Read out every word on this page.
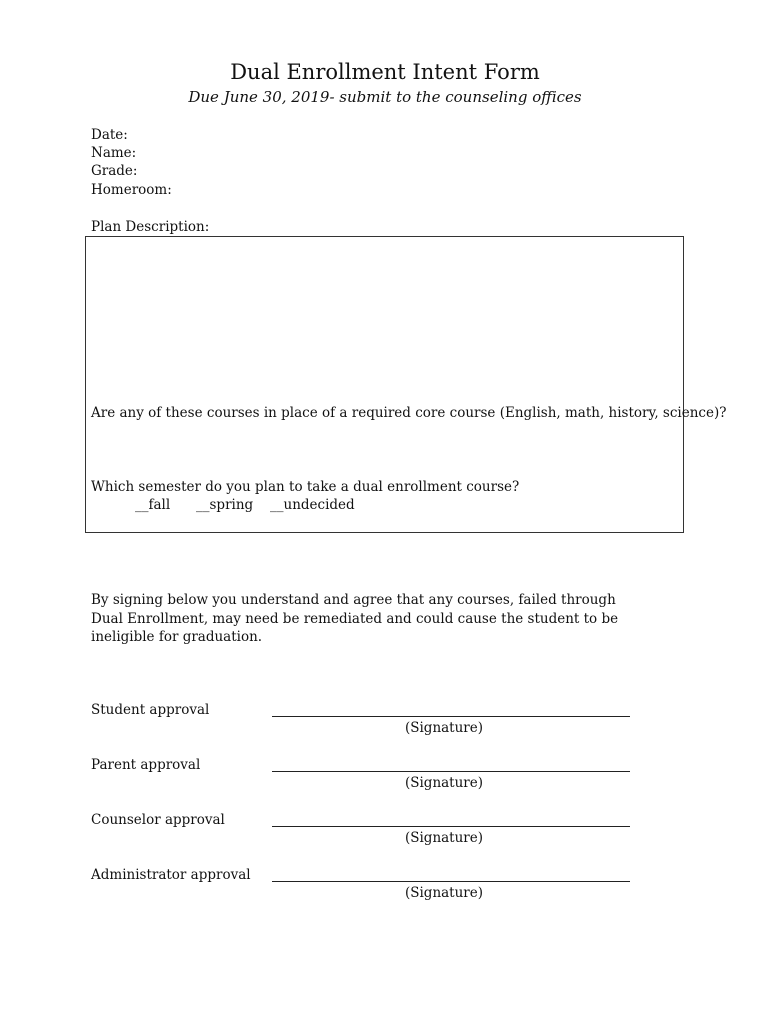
Dual Enrollment Intent Form
Due June 30, 2019- submit to the counseling offices
Date:
Name:
Grade:
Homeroom:
Plan Description:
Are any of these courses in place of a required core course (English, math, history, science)?
Which semester do you plan to take a dual enrollment course?
__fall __spring __undecided
By signing below you understand and agree that any courses, failed through Dual Enrollment, may need be remediated and could cause the student to be ineligible for graduation.
Student approval
(Signature)
Parent approval
(Signature)
Counselor approval
(Signature)
Administrator approval
(Signature)
